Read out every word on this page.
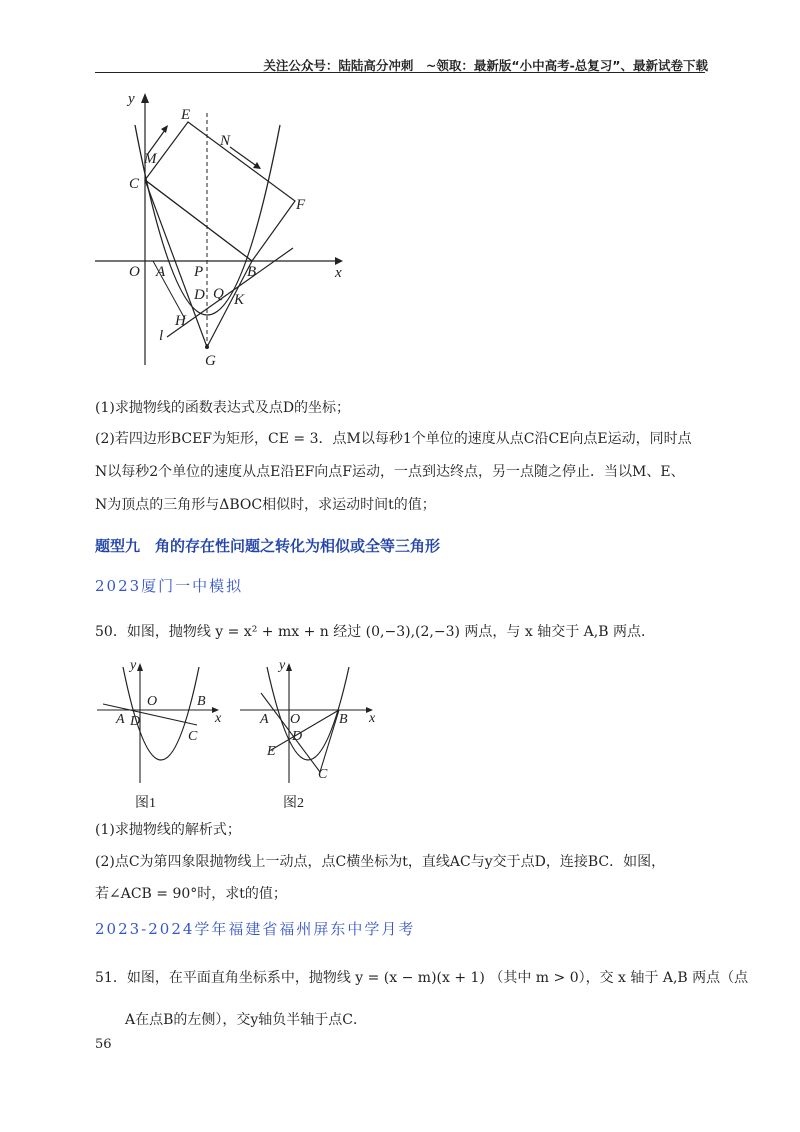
关注公众号：陆陆高分冲刺　~领取：最新版“小中高考-总复习”、最新试卷下载
y
x
O A P	B
C
E
F
M
N
D Q K
H
l
G
(1)求抛物线的函数表达式及点D的坐标；
(2)若四边形BCEF为矩形，CE = 3．点M以每秒1个单位的速度从点C沿CE向点E运动，同时点
N以每秒2个单位的速度从点E沿EF向点F运动，一点到达终点，另一点随之停止．当以M、E、
N为顶点的三角形与ΔBOC相似时，求运动时间t的值；
题型九　角的存在性问题之转化为相似或全等三角形
2023厦门一中模拟
50．如图，抛物线 y = x² + mx + n 经过 (0,−3),(2,−3) 两点，与 x 轴交于 A,B 两点．
y
x
O
A D
B
C
图1
y
x
O
A
D
E
B
C
图2
(1)求抛物线的解析式；
(2)点C为第四象限抛物线上一动点，点C横坐标为t，直线AC与y交于点D，连接BC．如图，
若∠ACB = 90°时，求t的值；
2023-2024学年福建省福州屏东中学月考
51．如图，在平面直角坐标系中，抛物线 y = (x − m)(x + 1) （其中 m > 0），交 x 轴于 A,B 两点（点
A在点B的左侧），交y轴负半轴于点C．
56
